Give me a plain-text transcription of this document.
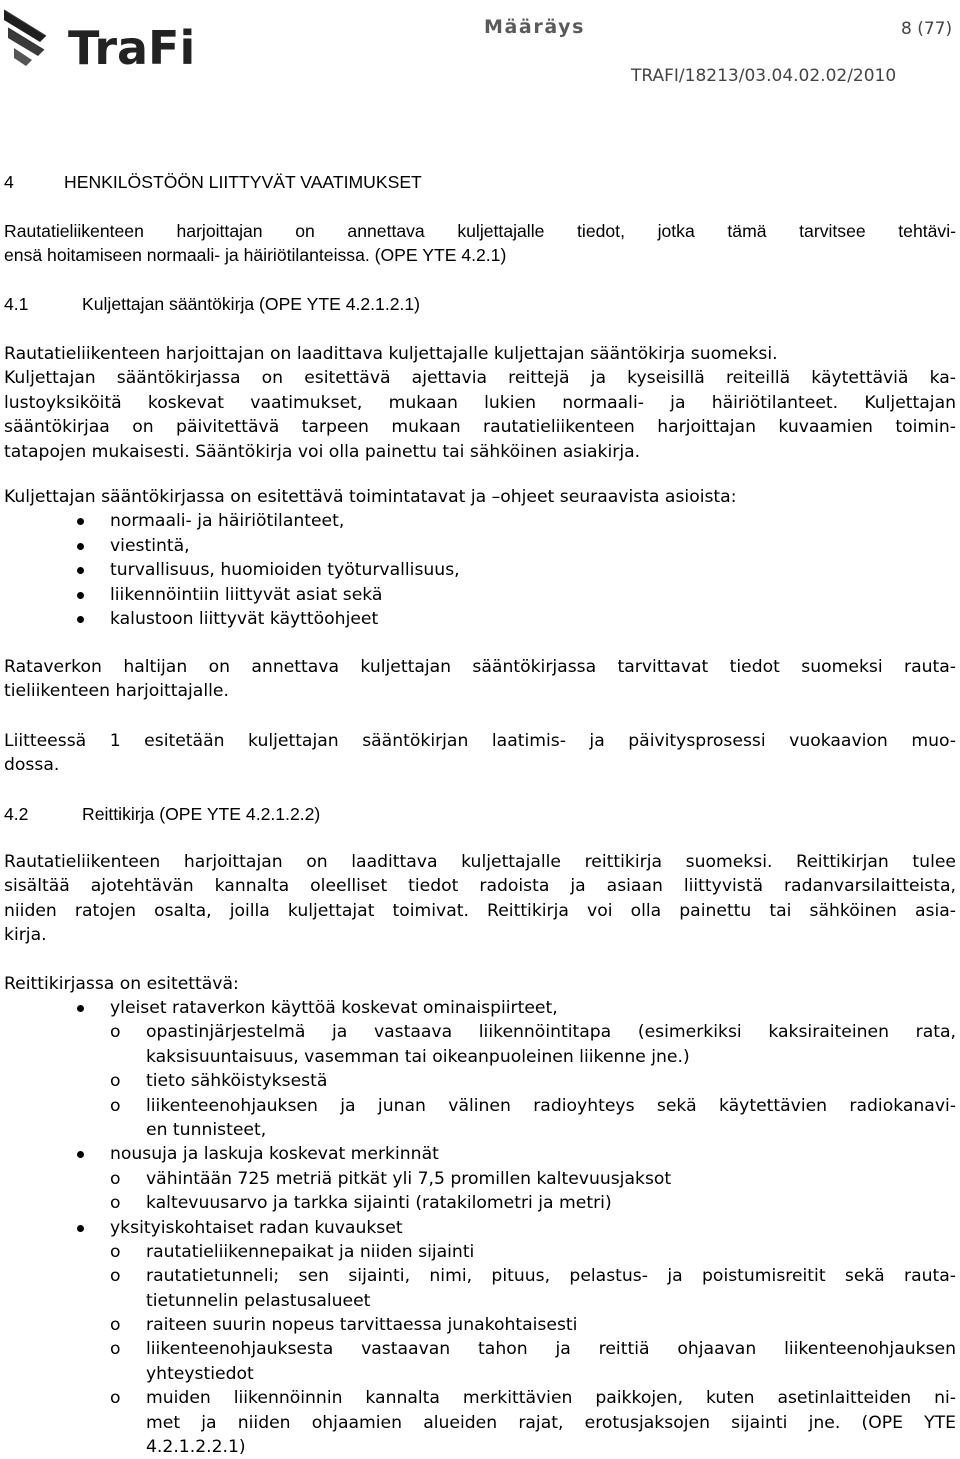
TraFi	Määräys	8 (77)
TRAFI/18213/03.04.02.02/2010
4	HENKILÖSTÖÖN LIITTYVÄT VAATIMUKSET
Rautatieliikenteen harjoittajan on annettava kuljettajalle tiedot, jotka tämä tarvitsee tehtävi-
ensä hoitamiseen normaali- ja häiriötilanteissa. (OPE YTE 4.2.1)
4.1	Kuljettajan sääntökirja (OPE YTE 4.2.1.2.1)
Rautatieliikenteen harjoittajan on laadittava kuljettajalle kuljettajan sääntökirja suomeksi.
Kuljettajan sääntökirjassa on esitettävä ajettavia reittejä ja kyseisillä reiteillä käytettäviä ka-
lustoyksiköitä koskevat vaatimukset, mukaan lukien normaali- ja häiriötilanteet. Kuljettajan
sääntökirjaa on päivitettävä tarpeen mukaan rautatieliikenteen harjoittajan kuvaamien toimin-
tatapojen mukaisesti. Sääntökirja voi olla painettu tai sähköinen asiakirja.
Kuljettajan sääntökirjassa on esitettävä toimintatavat ja –ohjeet seuraavista asioista:
normaali- ja häiriötilanteet,
viestintä,
turvallisuus, huomioiden työturvallisuus,
liikennöintiin liittyvät asiat sekä
kalustoon liittyvät käyttöohjeet
Rataverkon haltijan on annettava kuljettajan sääntökirjassa tarvittavat tiedot suomeksi rauta-
tieliikenteen harjoittajalle.
Liitteessä 1 esitetään kuljettajan sääntökirjan laatimis- ja päivitysprosessi vuokaavion muo-
dossa.
4.2	Reittikirja (OPE YTE 4.2.1.2.2)
Rautatieliikenteen harjoittajan on laadittava kuljettajalle reittikirja suomeksi. Reittikirjan tulee
sisältää ajotehtävän kannalta oleelliset tiedot radoista ja asiaan liittyvistä radanvarsilaitteista,
niiden ratojen osalta, joilla kuljettajat toimivat. Reittikirja voi olla painettu tai sähköinen asia-
kirja.
Reittikirjassa on esitettävä:
yleiset rataverkon käyttöä koskevat ominaispiirteet,
o opastinjärjestelmä ja vastaava liikennöintitapa (esimerkiksi kaksiraiteinen rata,
kaksisuuntaisuus, vasemman tai oikeanpuoleinen liikenne jne.)
o tieto sähköistyksestä
o liikenteenohjauksen ja junan välinen radioyhteys sekä käytettävien radiokanavi-
en tunnisteet,
nousuja ja laskuja koskevat merkinnät
o vähintään 725 metriä pitkät yli 7,5 promillen kaltevuusjaksot
o kaltevuusarvo ja tarkka sijainti (ratakilometri ja metri)
yksityiskohtaiset radan kuvaukset
o rautatieliikennepaikat ja niiden sijainti
o rautatietunneli; sen sijainti, nimi, pituus, pelastus- ja poistumisreitit sekä rauta-
tietunnelin pelastusalueet
o raiteen suurin nopeus tarvittaessa junakohtaisesti
o liikenteenohjauksesta vastaavan tahon ja reittiä ohjaavan liikenteenohjauksen
yhteystiedot
o muiden liikennöinnin kannalta merkittävien paikkojen, kuten asetinlaitteiden ni-
met ja niiden ohjaamien alueiden rajat, erotusjaksojen sijainti jne. (OPE YTE
4.2.1.2.2.1)
